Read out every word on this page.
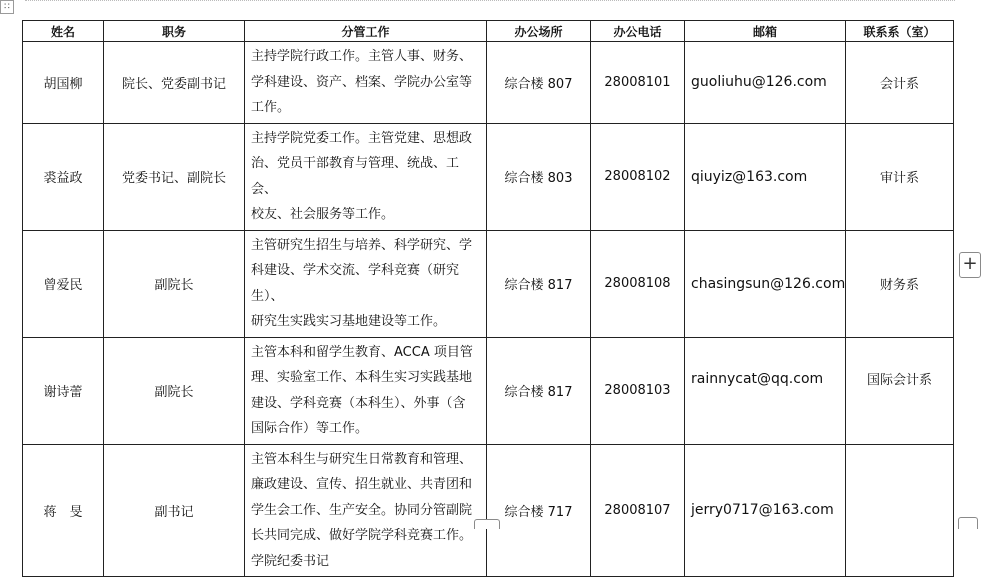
∷
姓名	职务	分管工作	办公场所	办公电话	邮箱	联系系（室）
胡国柳	院长、党委副书记	主持学院行政工作。主管人事、财务、
学科建设、资产、档案、学院办公室等
工作。	综合楼 807	28008101	guoliuhu@126.com	会计系
裘益政	党委书记、副院长	主持学院党委工作。主管党建、思想政
治、党员干部教育与管理、统战、工会、
校友、社会服务等工作。	综合楼 803	28008102	qiuyiz@163.com	审计系
曾爱民	副院长	主管研究生招生与培养、科学研究、学
科建设、学术交流、学科竞赛（研究生）、
研究生实践实习基地建设等工作。	综合楼 817	28008108	chasingsun@126.com	财务系
谢诗蕾	副院长	主管本科和留学生教育、ACCA 项目管
理、实验室工作、本科生实习实践基地
建设、学科竞赛（本科生）、外事（含
国际合作）等工作。	综合楼 817	28008103	rainnycat@qq.com	国际会计系

蒋　旻	副书记	主管本科生与研究生日常教育和管理、
廉政建设、宣传、招生就业、共青团和
学生会工作、生产安全。协同分管副院
长共同完成、做好学院学科竞赛工作。
学院纪委书记	综合楼 717	28008107	jerry0717@163.com	
+
